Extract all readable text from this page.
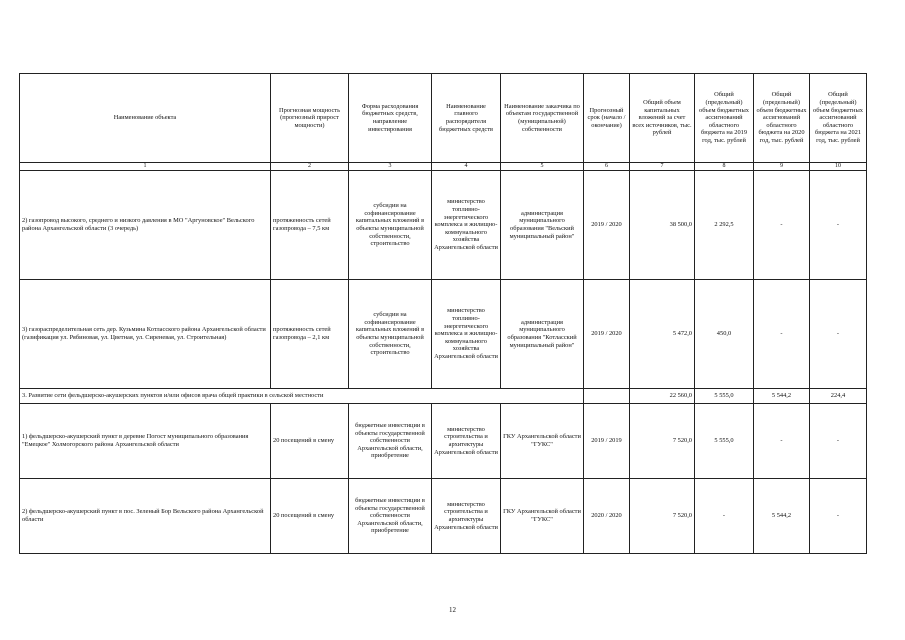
Наименование объекта	Прогнозная мощность (прогнозный прирост мощности)	Форма расходования бюджетных средств, направление инвестирования	Наименование главного распорядителя бюджетных средств	Наименование заказчика по объектам государственной (муниципальной) собственности	Прогнозный срок (начало / окончание)	Общий объем капитальных вложений за счет всех источников, тыс. рублей	Общий (предельный) объем бюджетных ассигнований областного бюджета на 2019 год, тыс. рублей	Общий (предельный) объем бюджетных ассигнований областного бюджета на 2020 год, тыс. рублей	Общий (предельный) объем бюджетных ассигнований областного бюджета на 2021 год, тыс. рублей
1	2	3	4	5	6	7	8	9	10
2) газопровод высокого, среднего и низкого давления в МО "Аргуновское" Вельского района Архангельской области (3 очередь)	протяженность сетей газопровода – 7,5 км	субсидии на софинансирование капитальных вложений в объекты муниципальной собственности, строительство	министерство топливно-энергетического комплекса и жилищно-коммунального хозяйства Архангельской области	администрация муниципального образования "Вельский муниципальный район"	2019 / 2020	38 500,0	2 292,5	-	-
3) газораспределительная сеть дер. Кузьмина Котласского района Архангельской области (газификация ул. Рябиновая, ул. Цветная, ул. Сиреневая, ул. Строительная)	протяженность сетей газопровода – 2,1 км	субсидии на софинансирование капитальных вложений в объекты муниципальной собственности, строительство	министерство топливно-энергетического комплекса и жилищно-коммунального хозяйства Архангельской области	администрация муниципального образования "Котласский муниципальный район"	2019 / 2020	5 472,0	450,0	-	-
3. Развитие сети фельдшерско-акушерских пунктов и/или офисов врача общей практики в сельской местности						22 560,0	5 555,0	5 544,2	224,4
1) фельдшерско-акушерский пункт в деревне Погост муниципального образования "Емецкое" Холмогорского района Архангельской области	20 посещений в смену	бюджетные инвестиции в объекты государственной собственности Архангельской области, приобретение	министерство строительства и архитектуры Архангельской области	ГКУ Архангельской области "ГУКС"	2019 / 2019	7 520,0	5 555,0	-	-
2) фельдшерско-акушерский пункт в пос. Зеленый Бор Вельского района Архангельской области	20 посещений в смену	бюджетные инвестиции в объекты государственной собственности Архангельской области, приобретение	министерство строительства и архитектуры Архангельской области	ГКУ Архангельской области "ГУКС"	2020 / 2020	7 520,0	-	5 544,2	-
12
